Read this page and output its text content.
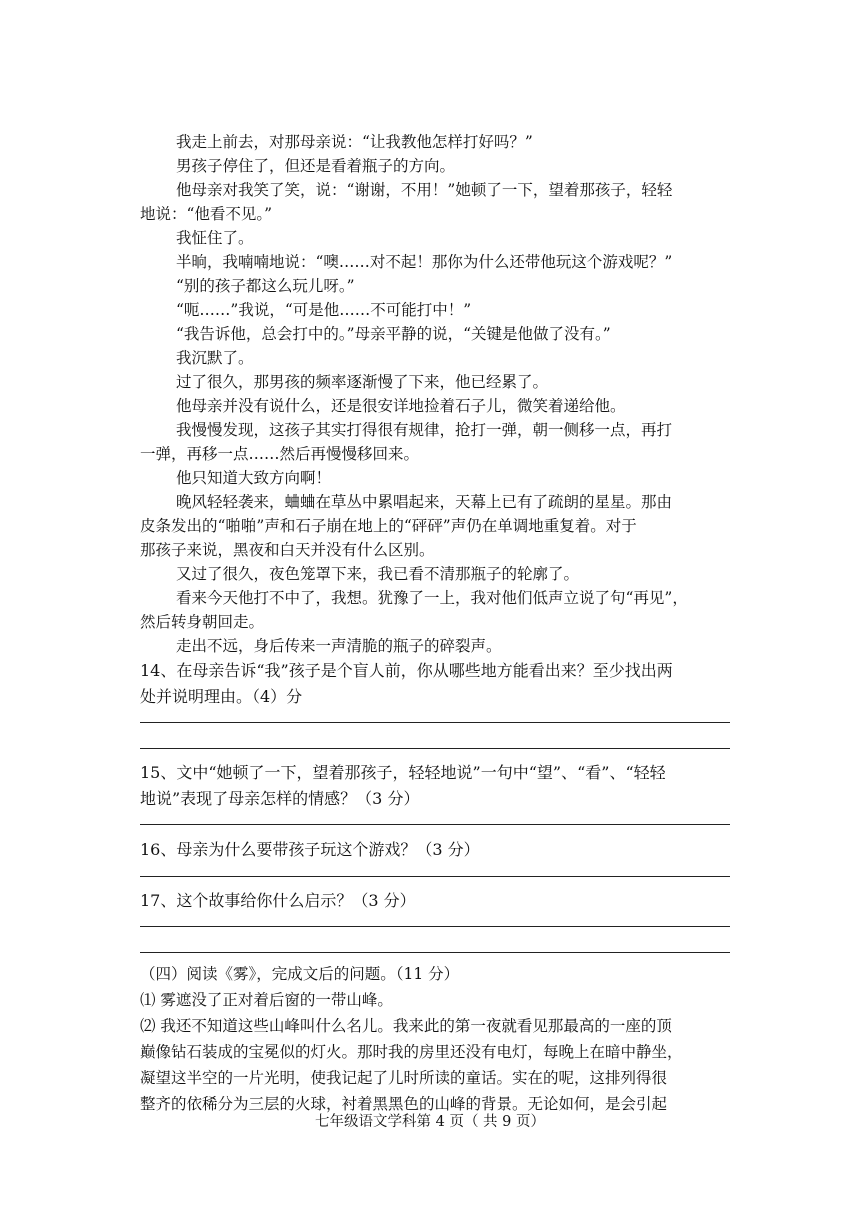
我走上前去，对那母亲说：“让我教他怎样打好吗？”
男孩子停住了，但还是看着瓶子的方向。
他母亲对我笑了笑，说：“谢谢，不用！”她顿了一下，望着那孩子，轻轻
地说：“他看不见。”
我怔住了。
半晌，我喃喃地说：“噢……对不起！那你为什么还带他玩这个游戏呢？”
“别的孩子都这么玩儿呀。”
“呃……”我说，“可是他……不可能打中！”
“我告诉他，总会打中的。”母亲平静的说，“关键是他做了没有。”
我沉默了。
过了很久，那男孩的频率逐渐慢了下来，他已经累了。
他母亲并没有说什么，还是很安详地捡着石子儿，微笑着递给他。
我慢慢发现，这孩子其实打得很有规律，抢打一弹，朝一侧移一点，再打
一弹，再移一点……然后再慢慢移回来。
他只知道大致方向啊！
晚风轻轻袭来，蛐蛐在草丛中累唱起来，天幕上已有了疏朗的星星。那由
皮条发出的“啪啪”声和石子崩在地上的“砰砰”声仍在单调地重复着。对于
那孩子来说，黑夜和白天并没有什么区别。
又过了很久，夜色笼罩下来，我已看不清那瓶子的轮廓了。
看来今天他打不中了，我想。犹豫了一上，我对他们低声立说了句“再见”，
然后转身朝回走。
走出不远，身后传来一声清脆的瓶子的碎裂声。
14、在母亲告诉“我”孩子是个盲人前，你从哪些地方能看出来？至少找出两
处并说明理由。（4）分
15、文中“她顿了一下，望着那孩子，轻轻地说”一句中“望”、“看”、“轻轻
地说”表现了母亲怎样的情感？（3 分）
16、母亲为什么要带孩子玩这个游戏？（3 分）
17、这个故事给你什么启示？（3 分）
（四）阅读《雾》，完成文后的问题。（11 分）
⑴ 雾遮没了正对着后窗的一带山峰。
⑵ 我还不知道这些山峰叫什么名儿。我来此的第一夜就看见那最高的一座的顶
巅像钻石装成的宝冕似的灯火。那时我的房里还没有电灯，每晚上在暗中静坐，
凝望这半空的一片光明，使我记起了儿时所读的童话。实在的呢，这排列得很
整齐的依稀分为三层的火球，衬着黑黑色的山峰的背景。无论如何，是会引起
七年级语文学科第 4 页（ 共 9 页）
